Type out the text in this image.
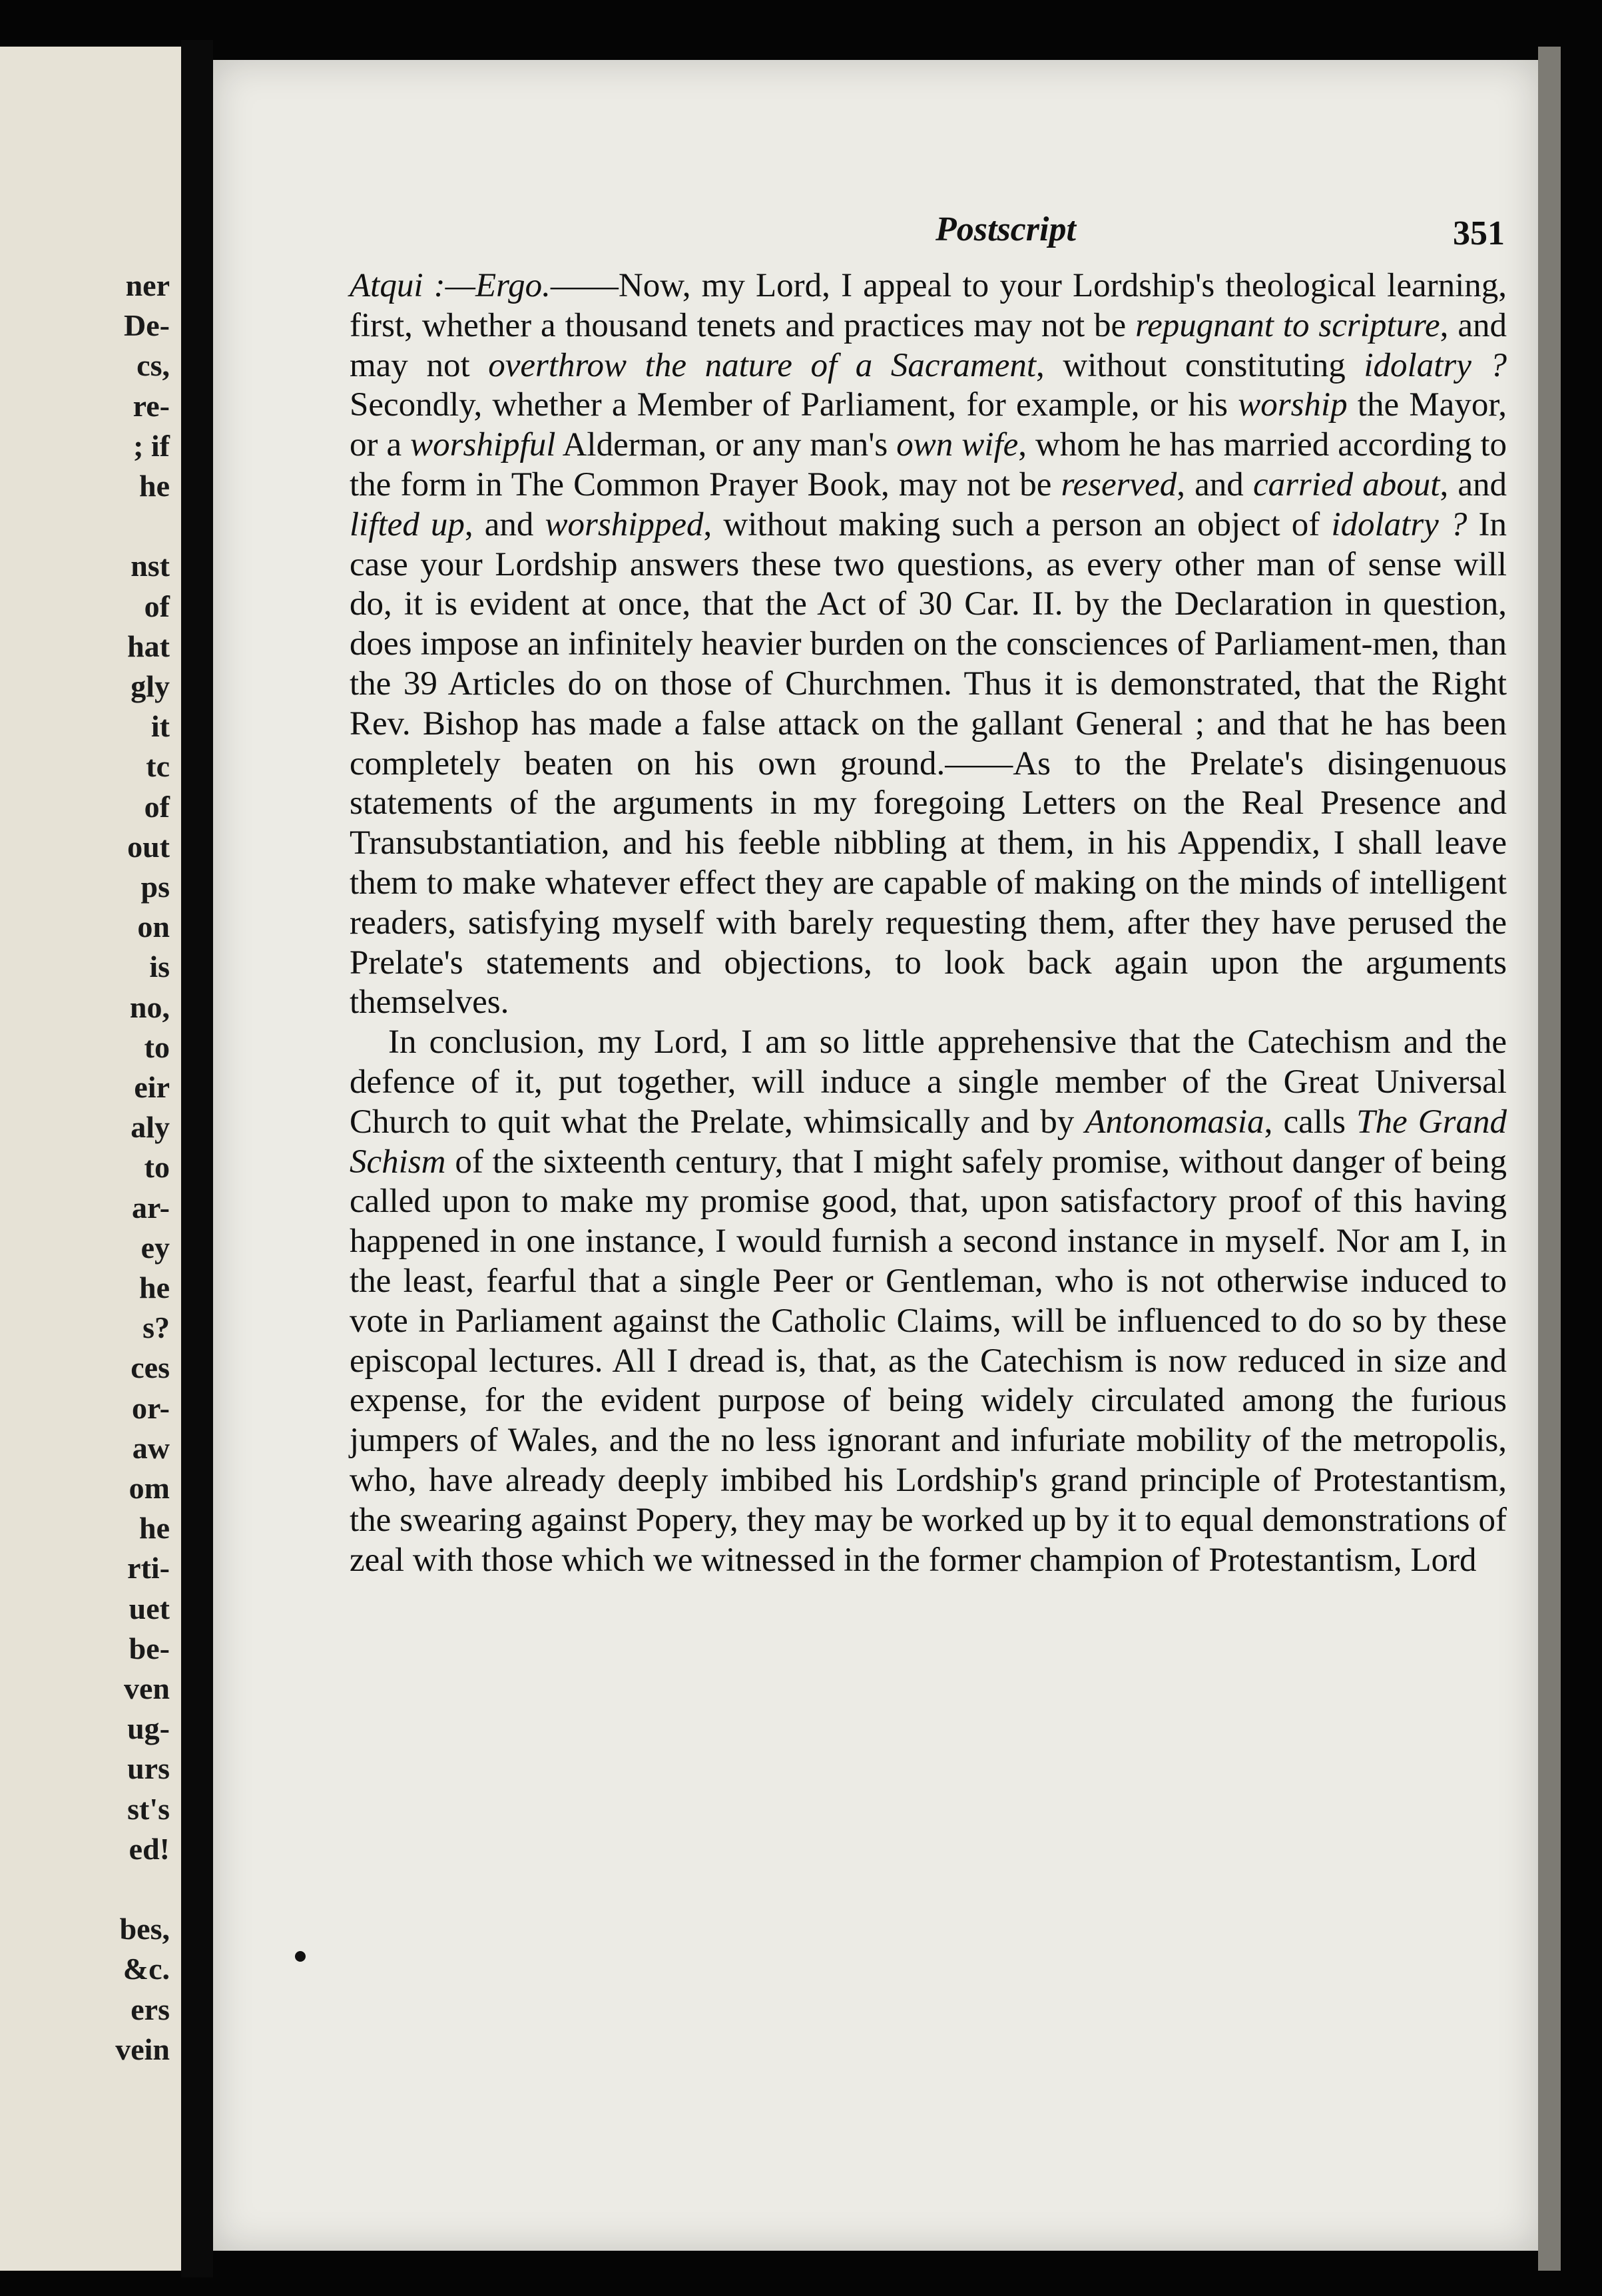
ner
De-
cs,
re-
; if
he
nst
of
hat
gly
it
tc
of
out
ps
on
is
no,
to
eir
aly
to
ar-
ey
he
s?
ces
or-
aw
om
he
rti-
uet
be-
ven
ug-
urs
st's
ed!
bes,
&c.
ers
vein
Postscript	351

Atqui :—Ergo.——Now, my Lord, I appeal to your Lordship's theological learning, first, whether a thousand tenets and practices may not be repugnant to scripture, and may not overthrow the nature of a Sacrament, without constituting idolatry ? Secondly, whether a Member of Parliament, for example, or his worship the Mayor, or a worshipful Alderman, or any man's own wife, whom he has married according to the form in The Common Prayer Book, may not be reserved, and carried about, and lifted up, and worshipped, without making such a person an object of idolatry ? In case your Lordship answers these two questions, as every other man of sense will do, it is evident at once, that the Act of 30 Car. II. by the Declaration in question, does impose an infinitely heavier burden on the consciences of Parliament-men, than the 39 Articles do on those of Churchmen. Thus it is demonstrated, that the Right Rev. Bishop has made a false attack on the gallant General ; and that he has been completely beaten on his own ground.——As to the Prelate's disingenuous statements of the arguments in my foregoing Letters on the Real Presence and Transubstantiation, and his feeble nibbling at them, in his Appendix, I shall leave them to make whatever effect they are capable of making on the minds of intelligent readers, satisfying myself with barely requesting them, after they have perused the Prelate's statements and objections, to look back again upon the arguments themselves.

In conclusion, my Lord, I am so little apprehensive that the Catechism and the defence of it, put together, will induce a single member of the Great Universal Church to quit what the Prelate, whimsically and by Antonomasia, calls The Grand Schism of the sixteenth century, that I might safely promise, without danger of being called upon to make my promise good, that, upon satisfactory proof of this having happened in one instance, I would furnish a second instance in myself. Nor am I, in the least, fearful that a single Peer or Gentleman, who is not otherwise induced to vote in Parliament against the Catholic Claims, will be influenced to do so by these episcopal lectures. All I dread is, that, as the Catechism is now reduced in size and expense, for the evident purpose of being widely circulated among the furious jumpers of Wales, and the no less ignorant and infuriate mobility of the metropolis, who, have already deeply imbibed his Lordship's grand principle of Protestantism, the swearing against Popery, they may be worked up by it to equal demonstrations of zeal with those which we witnessed in the former champion of Protestantism, Lord
